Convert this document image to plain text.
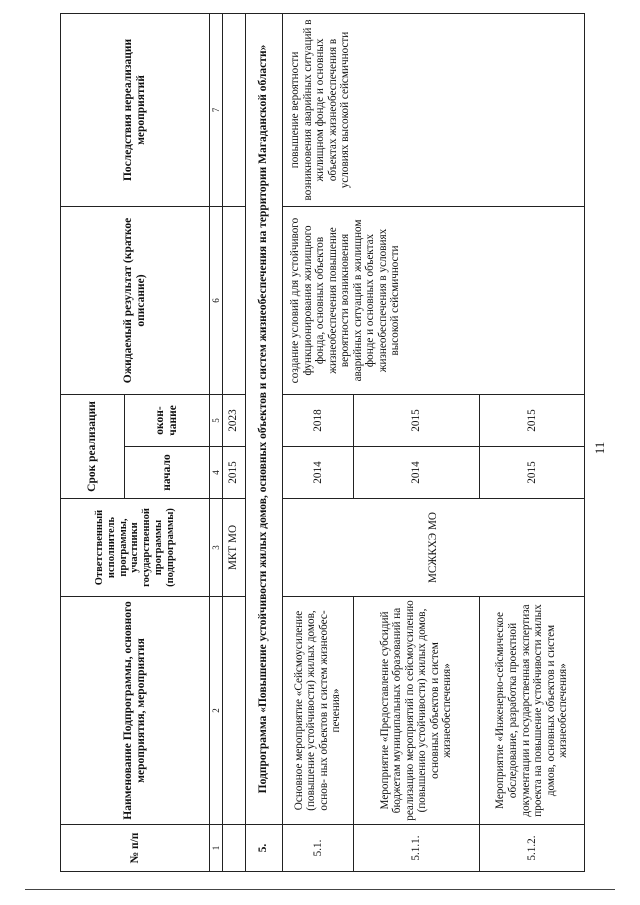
11
№ п/п	Наименование Подпрограммы, основного мероприятия, мероприятия	Ответственный исполнитель программы, участники государственной программы (подпрограммы)	Срок реализации		Ожидаемый результат (краткое описание)	Последствия нереализации мероприятий
			начало	окон- чание		
1	2	3	4	5	6	7
		МКТ МО	2015	2023		
5.	Подпрограмма «Повышение устойчивости жилых домов, основных объектов и систем жизнеобеспечения на территории Магаданской области»					
5.1.	Основное мероприятие «Сейсмоусиление (повышение устойчивости) жилых домов, основ- ных объектов и систем жизнеобес- печения»	МСЖКХЭ МО	2014	2018	создание условий для устойчивого функционирования жилищного фонда, основных объектов жизнеобеспечения повышение вероятности возникновения аварийных ситуаций в жилищном фонде и основных объектах жизнеобеспечения в условиях высокой сейсмичности	повышение вероятности возникновения аварийных ситуаций в жилищном фонде и основных объектах жизнеобеспечения в условиях высокой сейсмичности
5.1.1.	Мероприятие «Предоставление субсидий бюджетам муниципальных образований на реализацию мероприятий по сейсмоусилению (повышению устойчивости) жилых домов, основных объектов и систем жизнеобеспечения»		2014	2015		
5.1.2.	Мероприятие «Инженерно-сейсмическое обследование, разработка проектной документации и государственная экспертиза проекта на повышение устойчивости жилых домов, основных объектов и систем жизнеобеспечения»		2015	2015		
